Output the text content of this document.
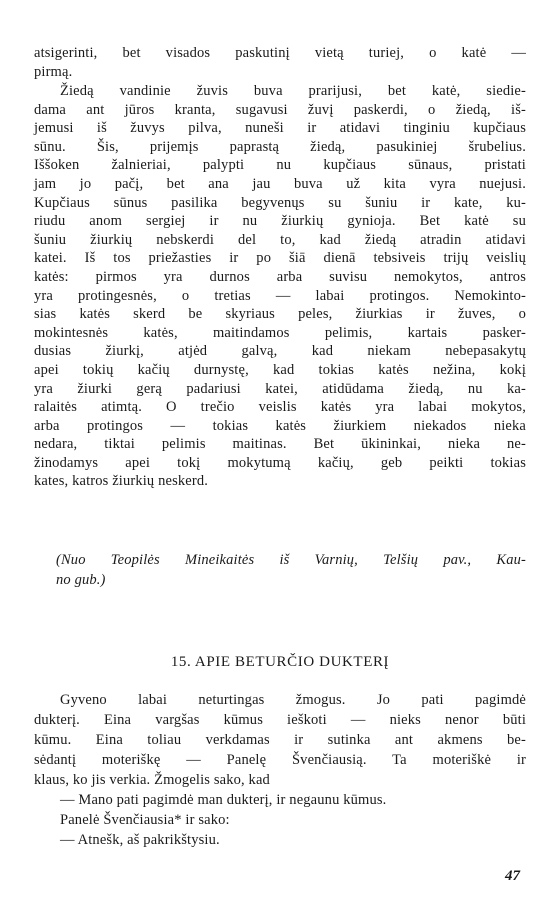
atsigerinti, bet visados paskutinį vietą turiej, o katė —
pirmą.
Žiedą vandinie žuvis buva prarijusi, bet katė, siedie-
dama ant jūros kranta, sugavusi žuvį paskerdi, o žiedą, iš-
jemusi iš žuvys pilva, nuneši ir atidavi tinginiu kupčiaus
sūnu. Šis, prijemįs paprastą žiedą, pasukiniej šrubelius.
Iššoken žalnieriai, palypti nu kupčiaus sūnaus, pristati
jam jo pačį, bet ana jau buva už kita vyra nuejusi.
Kupčiaus sūnus pasilika begyvenųs su šuniu ir kate, ku-
riudu anom sergiej ir nu žiurkių gynioja. Bet katė su
šuniu žiurkių nebskerdi del to, kad žiedą atradin atidavi
katei. Iš tos priežasties ir po šiā dienā tebsiveis trijų veislių
katės: pirmos yra durnos arba suvisu nemokytos, antros
yra protingesnės, o tretias — labai protingos. Nemokinto-
sias katės skerd be skyriaus peles, žiurkias ir žuves, o
mokintesnės katės, maitindamos pelimis, kartais pasker-
dusias žiurkį, atjėd galvą, kad niekam nebepasakytų
apei tokių kačių durnystę, kad tokias katės nežina, kokį
yra žiurki gerą padariusi katei, atidūdama žiedą, nu ka-
ralaitės atimtą. O trečio veislis katės yra labai mokytos,
arba protingos — tokias katės žiurkiem niekados nieka
nedara, tiktai pelimis maitinas. Bet ūkininkai, nieka ne-
žinodamys apei tokį mokytumą kačių, geb peikti tokias
kates, katros žiurkių neskerd.
(Nuo Teopilės Mineikaitės iš Varnių, Telšių pav., Kau-
no gub.)
15. APIE BETURČIO DUKTERĮ
Gyveno labai neturtingas žmogus. Jo pati pagimdė
dukterį. Eina vargšas kūmus ieškoti — nieks nenor būti
kūmu. Eina toliau verkdamas ir sutinka ant akmens be-
sėdantį moteriškę — Panelę Švenčiausią. Ta moteriškė ir
klaus, ko jis verkia. Žmogelis sako, kad
— Mano pati pagimdė man dukterį, ir negaunu kūmus.
Panelė Švenčiausia* ir sako:
— Atnešk, aš pakrikštysiu.
47
